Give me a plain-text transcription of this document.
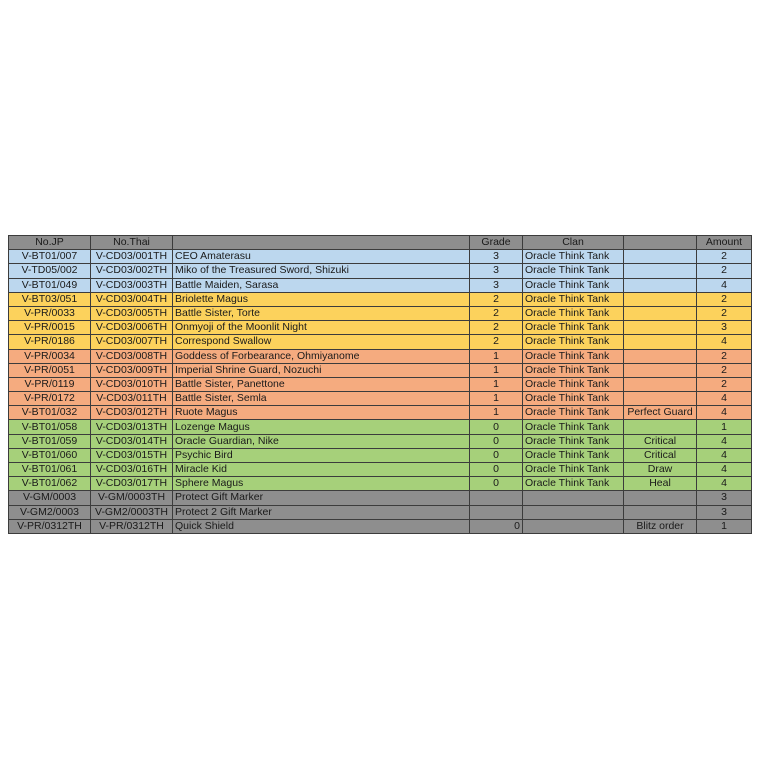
No.JP	No.Thai		Grade	Clan		Amount
V-BT01/007	V-CD03/001TH	CEO Amaterasu	3	Oracle Think Tank		2
V-TD05/002	V-CD03/002TH	Miko of the Treasured Sword, Shizuki	3	Oracle Think Tank		2
V-BT01/049	V-CD03/003TH	Battle Maiden, Sarasa	3	Oracle Think Tank		4
V-BT03/051	V-CD03/004TH	Briolette Magus	2	Oracle Think Tank		2
V-PR/0033	V-CD03/005TH	Battle Sister, Torte	2	Oracle Think Tank		2
V-PR/0015	V-CD03/006TH	Onmyoji of the Moonlit Night	2	Oracle Think Tank		3
V-PR/0186	V-CD03/007TH	Correspond Swallow	2	Oracle Think Tank		4
V-PR/0034	V-CD03/008TH	Goddess of Forbearance, Ohmiyanome	1	Oracle Think Tank		2
V-PR/0051	V-CD03/009TH	Imperial Shrine Guard, Nozuchi	1	Oracle Think Tank		2
V-PR/0119	V-CD03/010TH	Battle Sister, Panettone	1	Oracle Think Tank		2
V-PR/0172	V-CD03/011TH	Battle Sister, Semla	1	Oracle Think Tank		4
V-BT01/032	V-CD03/012TH	Ruote Magus	1	Oracle Think Tank	Perfect Guard	4
V-BT01/058	V-CD03/013TH	Lozenge Magus	0	Oracle Think Tank		1
V-BT01/059	V-CD03/014TH	Oracle Guardian, Nike	0	Oracle Think Tank	Critical	4
V-BT01/060	V-CD03/015TH	Psychic Bird	0	Oracle Think Tank	Critical	4
V-BT01/061	V-CD03/016TH	Miracle Kid	0	Oracle Think Tank	Draw	4
V-BT01/062	V-CD03/017TH	Sphere Magus	0	Oracle Think Tank	Heal	4
V-GM/0003	V-GM/0003TH	Protect Gift Marker				3
V-GM2/0003	V-GM2/0003TH	Protect 2 Gift Marker				3
V-PR/0312TH	V-PR/0312TH	Quick Shield	0		Blitz order	1
